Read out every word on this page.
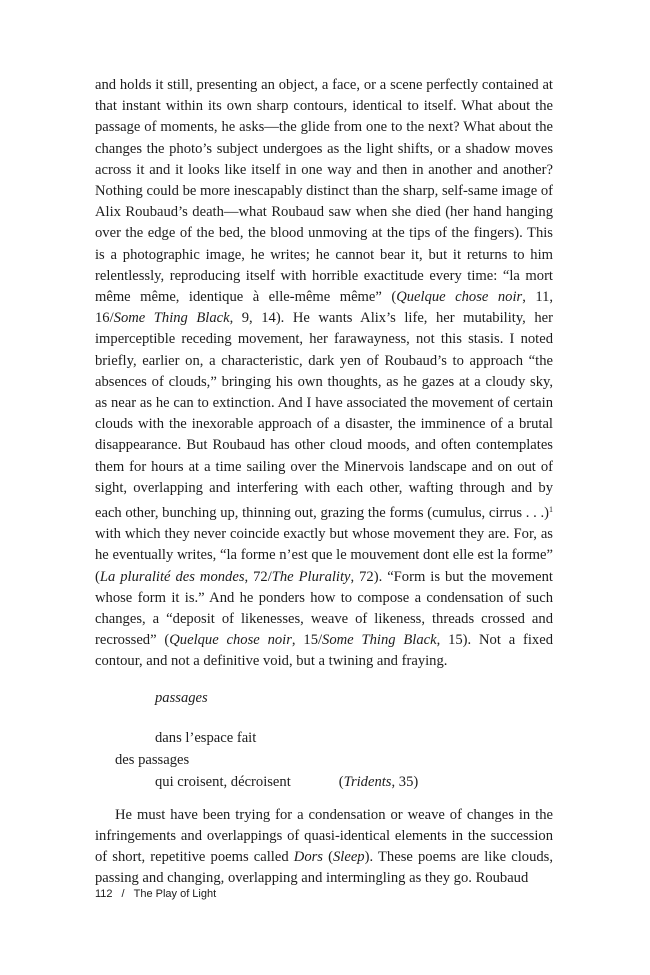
and holds it still, presenting an object, a face, or a scene perfectly contained at that instant within its own sharp contours, identical to itself. What about the passage of moments, he asks—the glide from one to the next? What about the changes the photo’s subject undergoes as the light shifts, or a shadow moves across it and it looks like itself in one way and then in another and another? Nothing could be more inescapably distinct than the sharp, self-same image of Alix Roubaud’s death—what Roubaud saw when she died (her hand hanging over the edge of the bed, the blood unmoving at the tips of the fingers). This is a photographic image, he writes; he cannot bear it, but it returns to him relentlessly, reproducing itself with horrible exactitude every time: “la mort même même, identique à elle-même même” (Quelque chose noir, 11, 16/Some Thing Black, 9, 14). He wants Alix’s life, her mutability, her imperceptible receding movement, her farawayness, not this stasis. I noted briefly, earlier on, a characteristic, dark yen of Roubaud’s to approach “the absences of clouds,” bringing his own thoughts, as he gazes at a cloudy sky, as near as he can to extinction. And I have associated the movement of certain clouds with the inexorable approach of a disaster, the imminence of a brutal disappearance. But Roubaud has other cloud moods, and often contemplates them for hours at a time sailing over the Minervois landscape and on out of sight, overlapping and interfering with each other, wafting through and by each other, bunching up, thinning out, grazing the forms (cumulus, cirrus . . .)$^1$ with which they never coincide exactly but whose movement they are. For, as he eventually writes, “la forme n’est que le mouvement dont elle est la forme” (La pluralité des mondes, 72/The Plurality, 72). “Form is but the movement whose form it is.” And he ponders how to compose a condensation of such changes, a “deposit of likenesses, weave of likeness, threads crossed and recrossed” (Quelque chose noir, 15/Some Thing Black, 15). Not a fixed contour, and not a definitive void, but a twining and fraying.

passages

dans l’espace fait

des passages

qui croisent, décroisent	(Tridents, 35)

He must have been trying for a condensation or weave of changes in the infringements and overlappings of quasi-identical elements in the succession of short, repetitive poems called Dors (Sleep). These poems are like clouds, passing and changing, overlapping and intermingling as they go. Roubaud

112 / The Play of Light
